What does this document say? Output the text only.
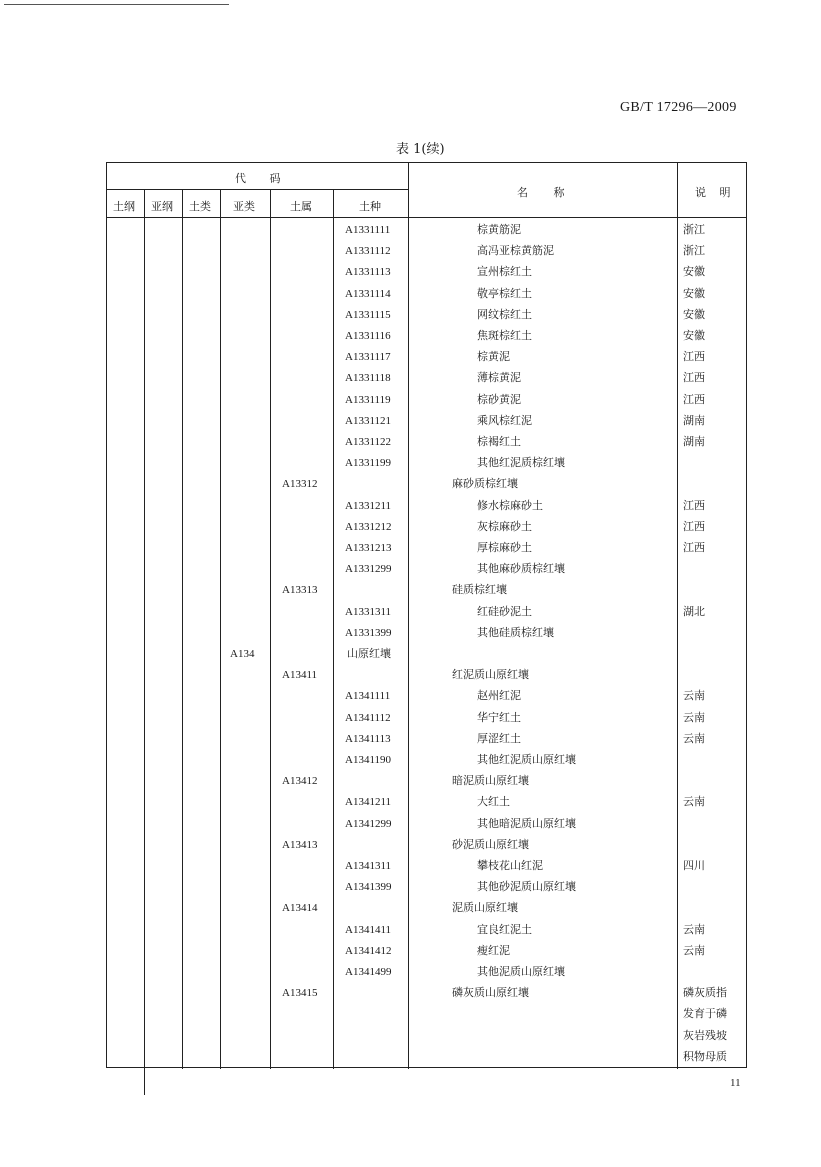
GB/T 17296—2009
表 1(续)
代 码
土纲 亚纲 土类 亚类	土属	土种
名 称	说 明
A1331111	棕黄筋泥	浙江
A1331112	高冯亚棕黄筋泥	浙江
A1331113	宣州棕红土	安徽
A1331114	敬亭棕红土	安徽
A1331115	网纹棕红土	安徽
A1331116	焦斑棕红土	安徽
A1331117	棕黄泥	江西
A1331118	薄棕黄泥	江西
A1331119	棕砂黄泥	江西
A1331121	乘风棕红泥	湖南
A1331122	棕褐红土	湖南
A1331199	其他红泥质棕红壤
A13312	麻砂质棕红壤
A1331211	修水棕麻砂土	江西
A1331212	灰棕麻砂土	江西
A1331213	厚棕麻砂土	江西
A1331299	其他麻砂质棕红壤
A13313	硅质棕红壤
A1331311	红硅砂泥土	湖北
A1331399	其他硅质棕红壤
A134	山原红壤
A13411	红泥质山原红壤
A1341111	赵州红泥	云南
A1341112	华宁红土	云南
A1341113	厚涩红土	云南
A1341190	其他红泥质山原红壤
A13412	暗泥质山原红壤
A1341211	大红土	云南
A1341299	其他暗泥质山原红壤
A13413	砂泥质山原红壤
A1341311	攀枝花山红泥	四川
A1341399	其他砂泥质山原红壤
A13414	泥质山原红壤
A1341411	宜良红泥土	云南
A1341412	瘦红泥	云南
A1341499	其他泥质山原红壤
A13415	磷灰质山原红壤	磷灰质指
发育于磷
灰岩残坡
积物母质
11
